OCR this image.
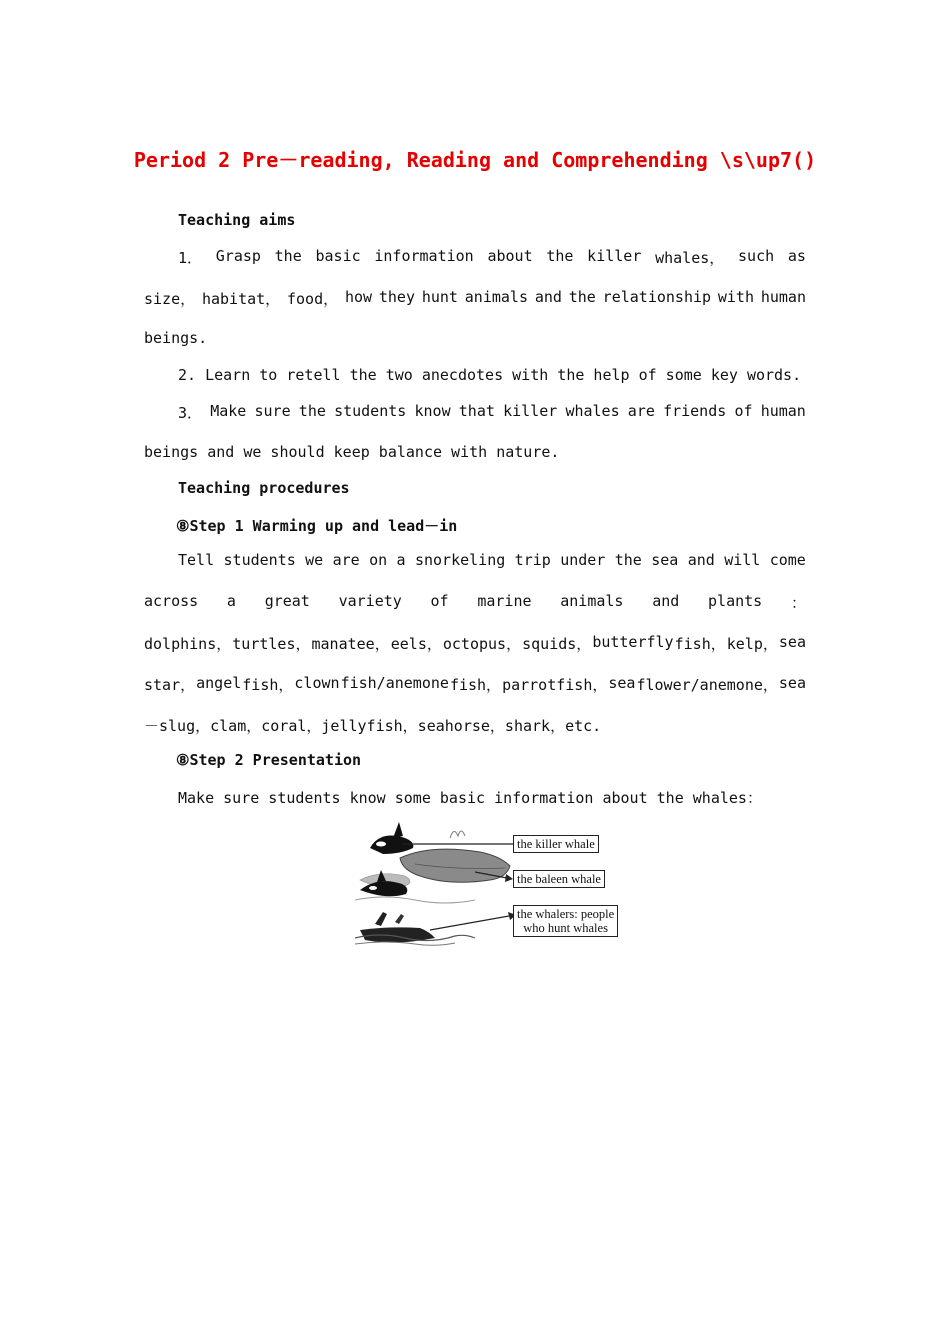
Period 2 Pre－reading, Reading and Comprehending \s\up7()
Teaching aims
1． Grasp the basic information about the killer whales， such as
size， habitat， food， how they hunt animals and the relationship with human
beings.
2. Learn to retell the two anecdotes with the help of some key words.
3． Make sure the students know that killer whales are friends of human
beings and we should keep balance with nature.
Teaching procedures
⑧Step 1 Warming up and lead－in
Tell students we are on a snorkeling trip under the sea and will come
across a great variety of marine animals and plants ：
dolphins， turtles， manatee， eels， octopus， squids， butterfly fish， kelp， sea
star， angel fish， clown fish/anemone fish， parrotfish， sea flower/anemone， sea
－slug，clam，coral，jellyfish，seahorse，shark，etc.
⑧Step 2 Presentation
Make sure students know some basic information about the whales：
the killer whale
the baleen whale
the whalers: people
who hunt whales
